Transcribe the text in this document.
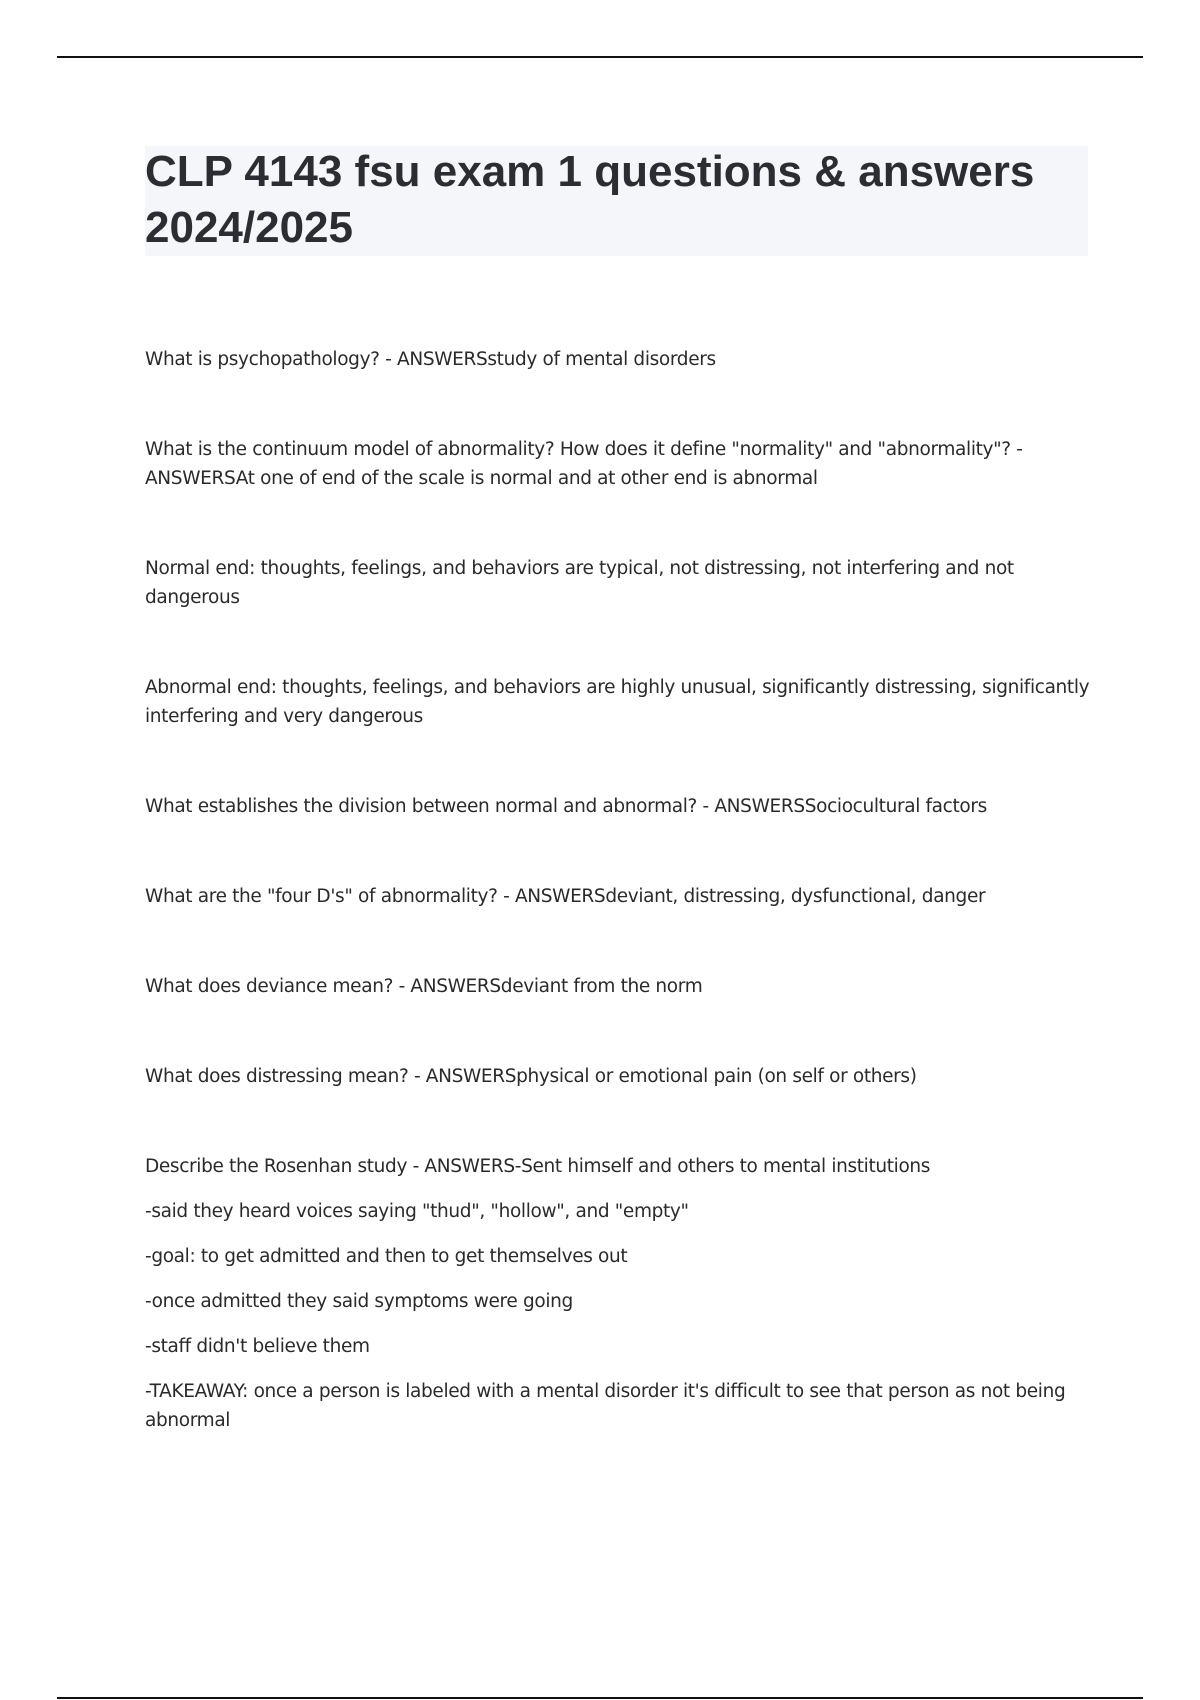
CLP 4143 fsu exam 1 questions & answers 2024/2025

What is psychopathology? - ANSWERSstudy of mental disorders

What is the continuum model of abnormality? How does it define "normality" and "abnormality"? - ANSWERSAt one of end of the scale is normal and at other end is abnormal

Normal end: thoughts, feelings, and behaviors are typical, not distressing, not interfering and not dangerous

Abnormal end: thoughts, feelings, and behaviors are highly unusual, significantly distressing, significantly interfering and very dangerous

What establishes the division between normal and abnormal? - ANSWERSSociocultural factors

What are the "four D's" of abnormality? - ANSWERSdeviant, distressing, dysfunctional, danger

What does deviance mean? - ANSWERSdeviant from the norm

What does distressing mean? - ANSWERSphysical or emotional pain (on self or others)

Describe the Rosenhan study - ANSWERS-Sent himself and others to mental institutions

-said they heard voices saying "thud", "hollow", and "empty"

-goal: to get admitted and then to get themselves out

-once admitted they said symptoms were going

-staff didn't believe them

-TAKEAWAY: once a person is labeled with a mental disorder it's difficult to see that person as not being abnormal
